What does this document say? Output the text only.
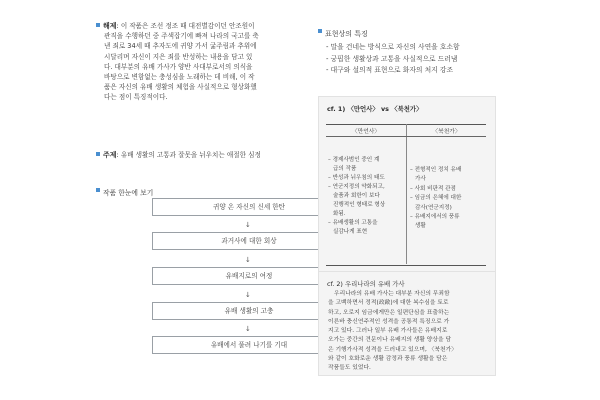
해제: 이 작품은 조선 정조 때 대전별감이던 안조원이
관직을 수행하던 중 주색잡기에 빠져 나라의 국고를 축
낸 죄로 34세 때 추자도에 귀양 가서 굶주림과 추위에
시달리며 자신이 지은 죄를 반성하는 내용을 담고 있
다. 대부분의 유배 가사가 양반 사대부로서의 의식을
바탕으로 변함없는 충성심을 노래하는 데 비해, 이 작
품은 자신의 유배 생활의 체험을 사실적으로 형상화했
다는 점이 특징적이다.
주제: 유배 생활의 고통과 잘못을 뉘우치는 애절한 심정
작품 한눈에 보기
귀양 온 자신의 신세 한탄
↓
과거사에 대한 회상
↓
유배지로의 여정
↓
유배 생활의 고충
↓
유배에서 풀려 나기를 기대
표현상의 특징
- 말을 건네는 방식으로 자신의 사연을 호소함
- 궁핍한 생활상과 고통을 사실적으로 드러냄
- 대구와 설의적 표현으로 화자의 처지 강조
cf. 1) 〈만언사〉 vs 〈북천가〉
〈만언사〉	〈북천가〉
– 경제사범인 중인 계
급의 작품
– 반성과 뉘우침의 태도
– 연군지정의 약화되고,
술품과 회한이 보다
진행적인 형태로 형상
화됨.
– 유배생활의 고통을
실감나게 표현
– 전형적인 정치 유배
가사
– 사회 비판적 관점
– 임금의 은혜에 대한
감사(연군지정)
– 유배지에서의 풍류
생활
cf. 2) 우리나라의 유배 가사
우리나라의 유배 가사는 대부분 자신의 무죄함
을 고백하면서 정적(政敵)에 대한 복수심을 토로
하고, 오로지 임금에게만은 일편단심을 표출하는
이른바 충신연주적인 성격을 공통적 특징으로 가
지고 있다. 그러나 일부 유배 가사들은 유배지로
오가는 중간의 견문이나 유배지의 생활 양상을 담
은 기행가사적 성격을 드러내고 있으며, 〈북천가〉
와 같이 호화로운 생활 감정과 풍류 생활을 담은
작품들도 있었다.
